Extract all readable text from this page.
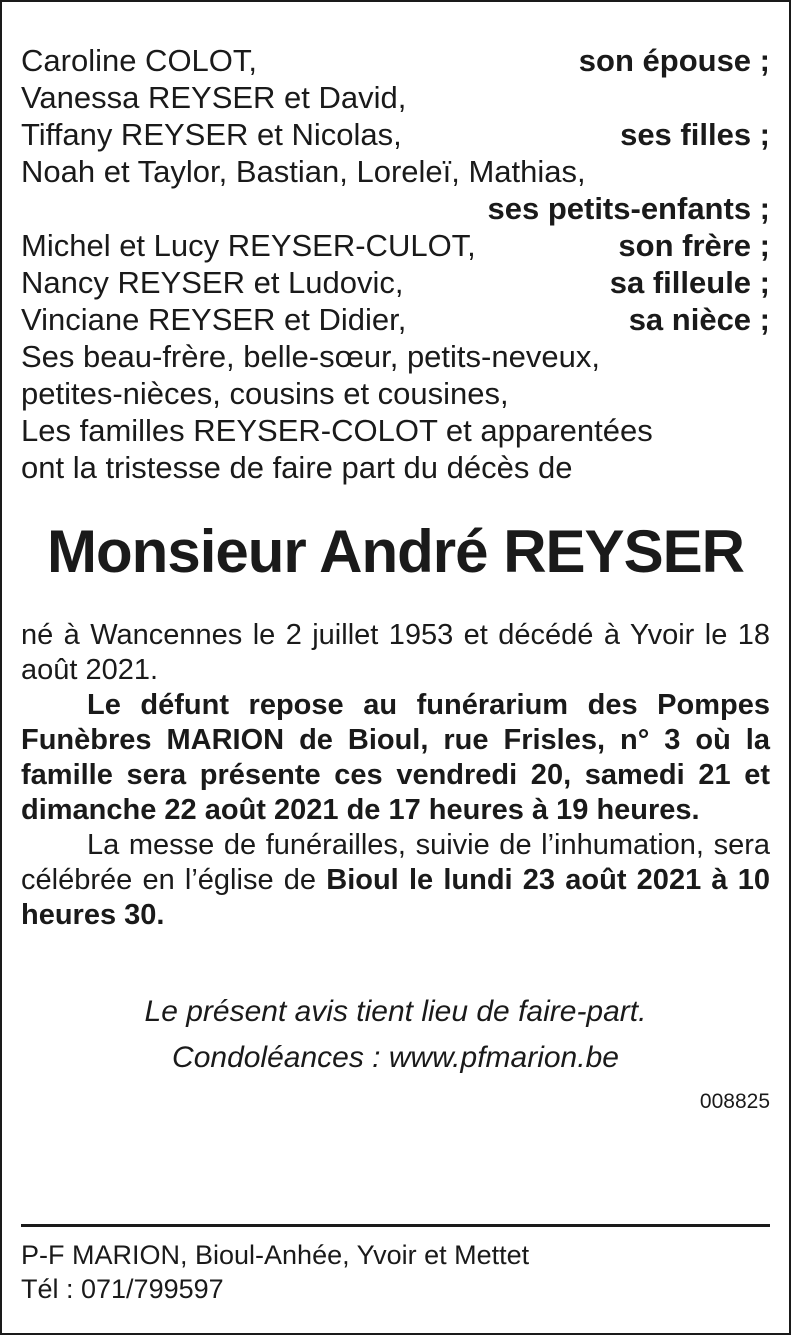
Caroline COLOT,	son épouse ;
Vanessa REYSER et David,
Tiffany REYSER et Nicolas,	ses filles ;
Noah et Taylor, Bastian, Loreleï, Mathias,
ses petits-enfants ;
Michel et Lucy REYSER-CULOT,	son frère ;
Nancy REYSER et Ludovic,	sa filleule ;
Vinciane REYSER et Didier,	sa nièce ;
Ses beau-frère, belle-sœur, petits-neveux,
petites-nièces, cousins et cousines,
Les familles REYSER-COLOT et apparentées
ont la tristesse de faire part du décès de
Monsieur André REYSER
né à Wancennes le 2 juillet 1953 et décédé à Yvoir le 18 août 2021.
Le défunt repose au funérarium des Pompes Funèbres MARION de Bioul, rue Frisles, n° 3 où la famille sera présente ces vendredi 20, samedi 21 et dimanche 22 août 2021 de 17 heures à 19 heures.
La messe de funérailles, suivie de l’inhumation, sera célébrée en l’église de Bioul le lundi 23 août 2021 à 10 heures 30.
Le présent avis tient lieu de faire-part.
Condoléances : www.pfmarion.be
008825
P-F MARION, Bioul-Anhée, Yvoir et Mettet
Tél : 071/799597
